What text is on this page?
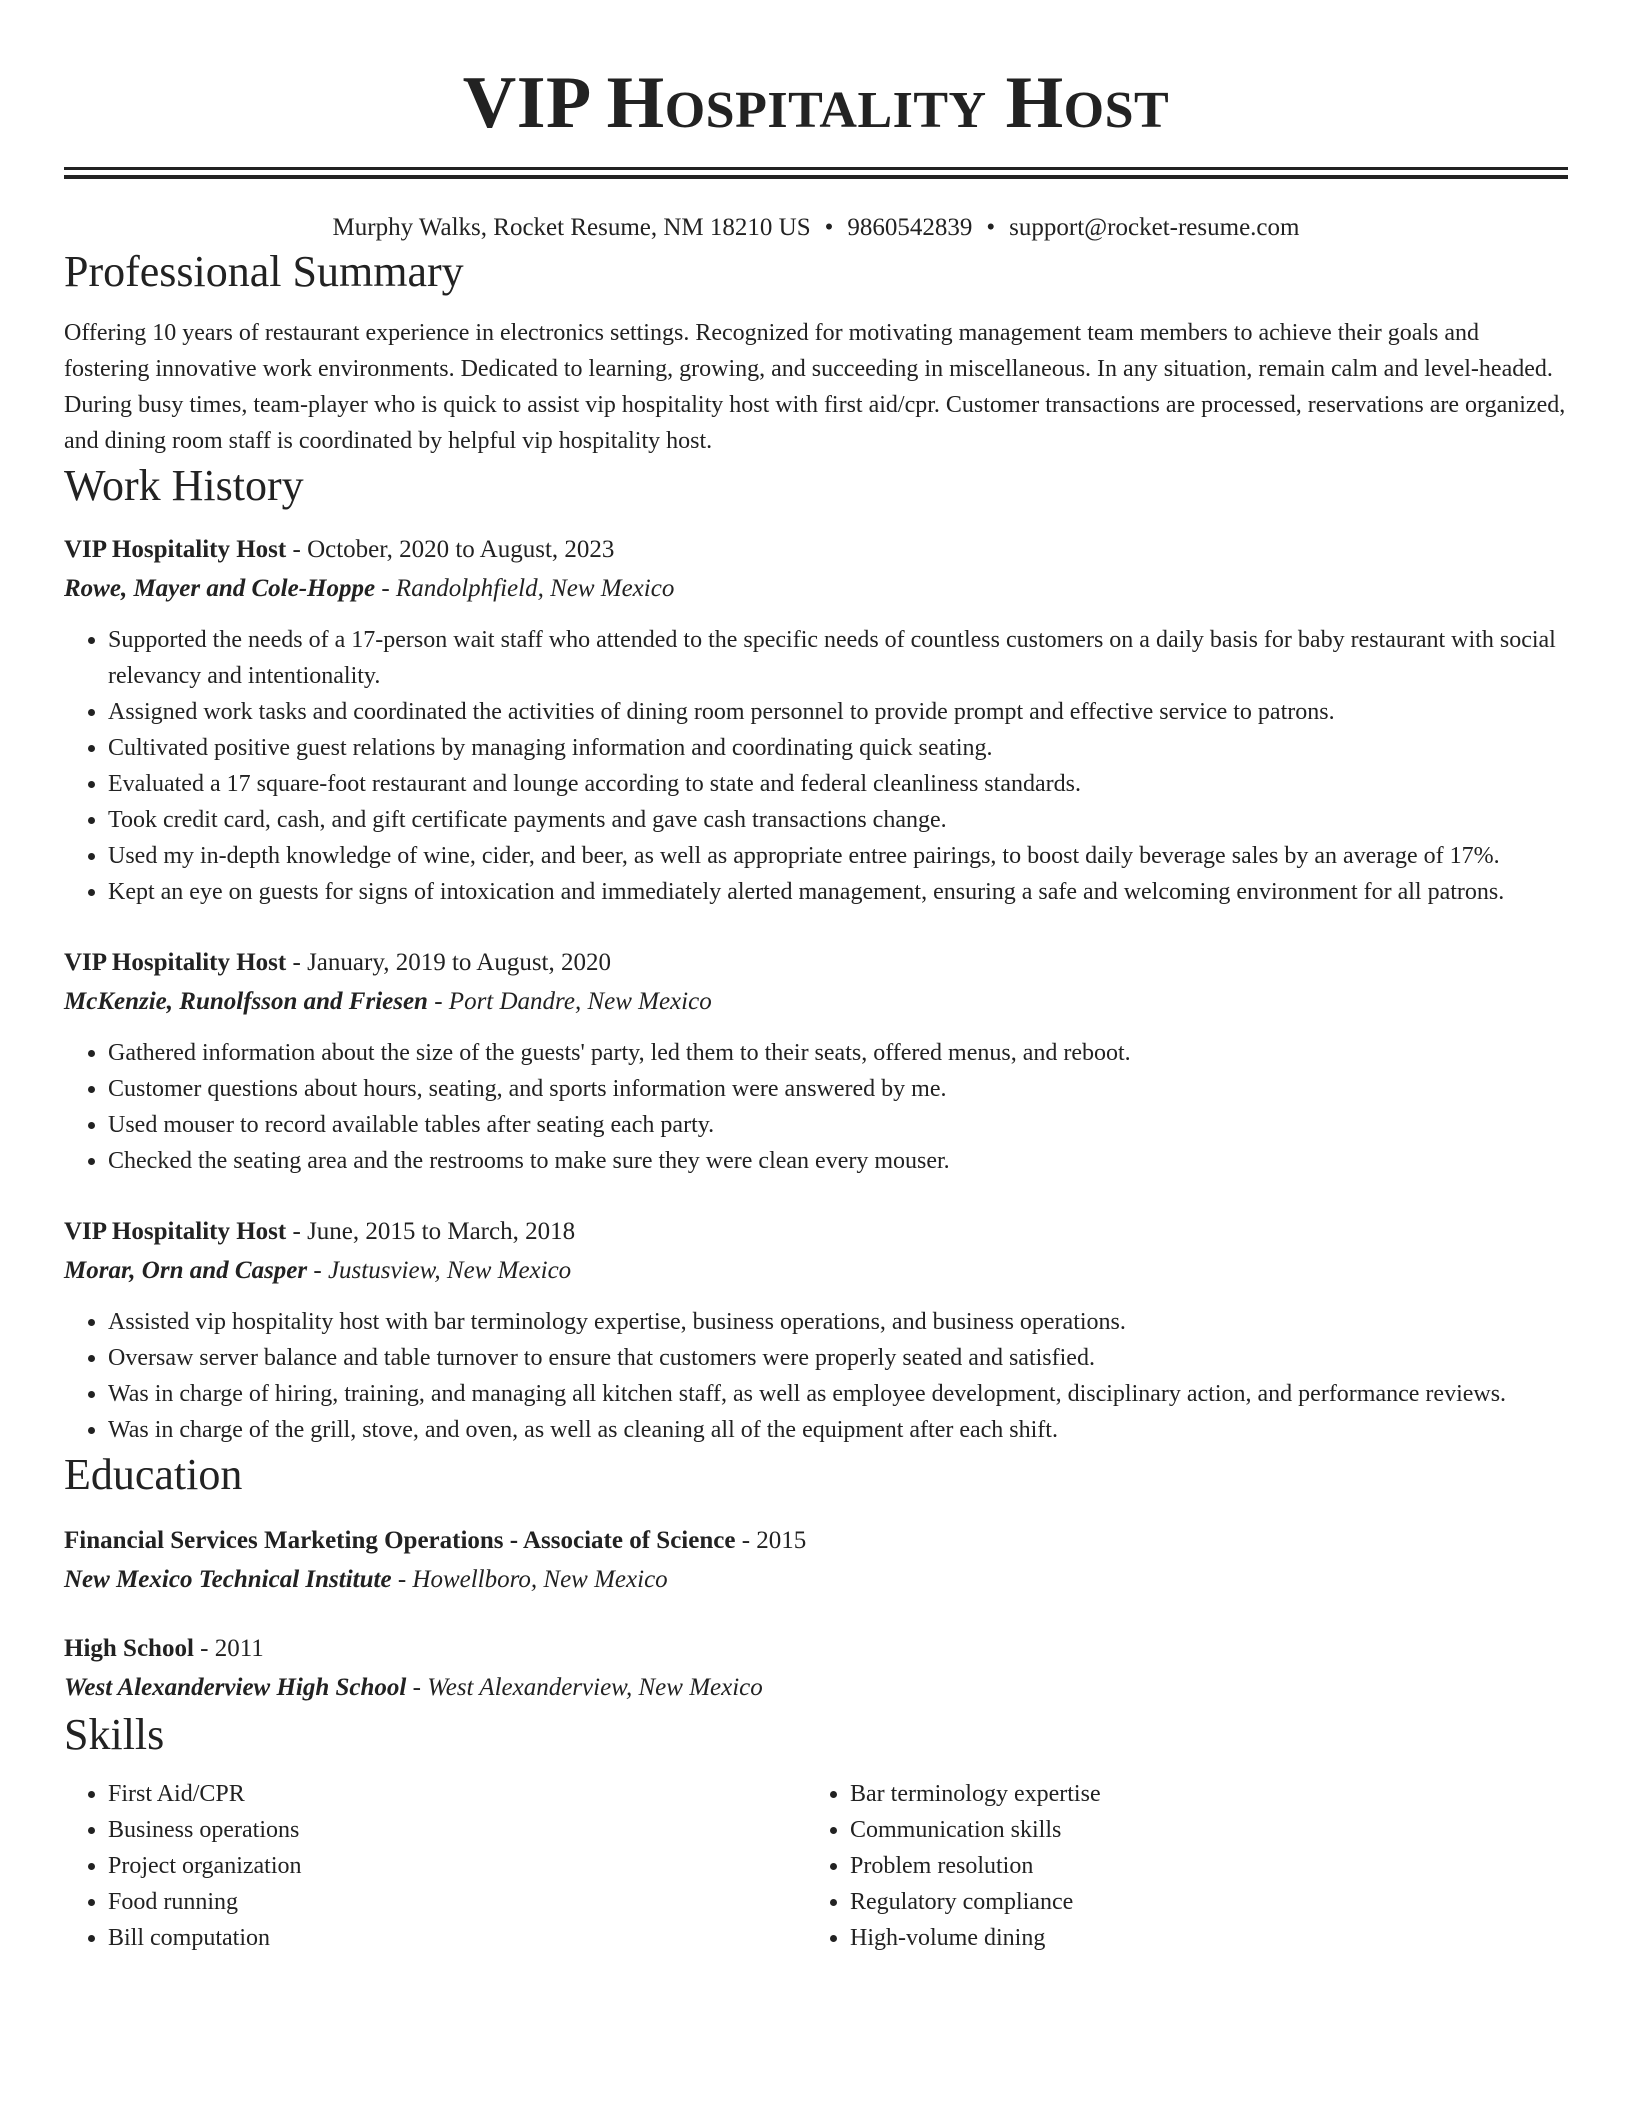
VIP Hospitality Host
Murphy Walks, Rocket Resume, NM 18210 US • 9860542839 • support@rocket-resume.com
Professional Summary

Offering 10 years of restaurant experience in electronics settings. Recognized for motivating management team members to achieve their goals and fostering innovative work environments. Dedicated to learning, growing, and succeeding in miscellaneous. In any situation, remain calm and level-headed. During busy times, team-player who is quick to assist vip hospitality host with first aid/cpr. Customer transactions are processed, reservations are organized, and dining room staff is coordinated by helpful vip hospitality host.

Work History
VIP Hospitality Host - October, 2020 to August, 2023
Rowe, Mayer and Cole-Hoppe - Randolphfield, New Mexico
• Supported the needs of a 17-person wait staff who attended to the specific needs of countless customers on a daily basis for baby restaurant with social relevancy and intentionality.
• Assigned work tasks and coordinated the activities of dining room personnel to provide prompt and effective service to patrons.
• Cultivated positive guest relations by managing information and coordinating quick seating.
• Evaluated a 17 square-foot restaurant and lounge according to state and federal cleanliness standards.
• Took credit card, cash, and gift certificate payments and gave cash transactions change.
• Used my in-depth knowledge of wine, cider, and beer, as well as appropriate entree pairings, to boost daily beverage sales by an average of 17%.
• Kept an eye on guests for signs of intoxication and immediately alerted management, ensuring a safe and welcoming environment for all patrons.
VIP Hospitality Host - January, 2019 to August, 2020
McKenzie, Runolfsson and Friesen - Port Dandre, New Mexico
• Gathered information about the size of the guests' party, led them to their seats, offered menus, and reboot.
• Customer questions about hours, seating, and sports information were answered by me.
• Used mouser to record available tables after seating each party.
• Checked the seating area and the restrooms to make sure they were clean every mouser.
VIP Hospitality Host - June, 2015 to March, 2018
Morar, Orn and Casper - Justusview, New Mexico
• Assisted vip hospitality host with bar terminology expertise, business operations, and business operations.
• Oversaw server balance and table turnover to ensure that customers were properly seated and satisfied.
• Was in charge of hiring, training, and managing all kitchen staff, as well as employee development, disciplinary action, and performance reviews.
• Was in charge of the grill, stove, and oven, as well as cleaning all of the equipment after each shift.
Education
Financial Services Marketing Operations - Associate of Science - 2015
New Mexico Technical Institute - Howellboro, New Mexico
High School - 2011
West Alexanderview High School - West Alexanderview, New Mexico
Skills
• First Aid/CPR
• Business operations
• Project organization
• Food running
• Bill computation
• Bar terminology expertise
• Communication skills
• Problem resolution
• Regulatory compliance
• High-volume dining
